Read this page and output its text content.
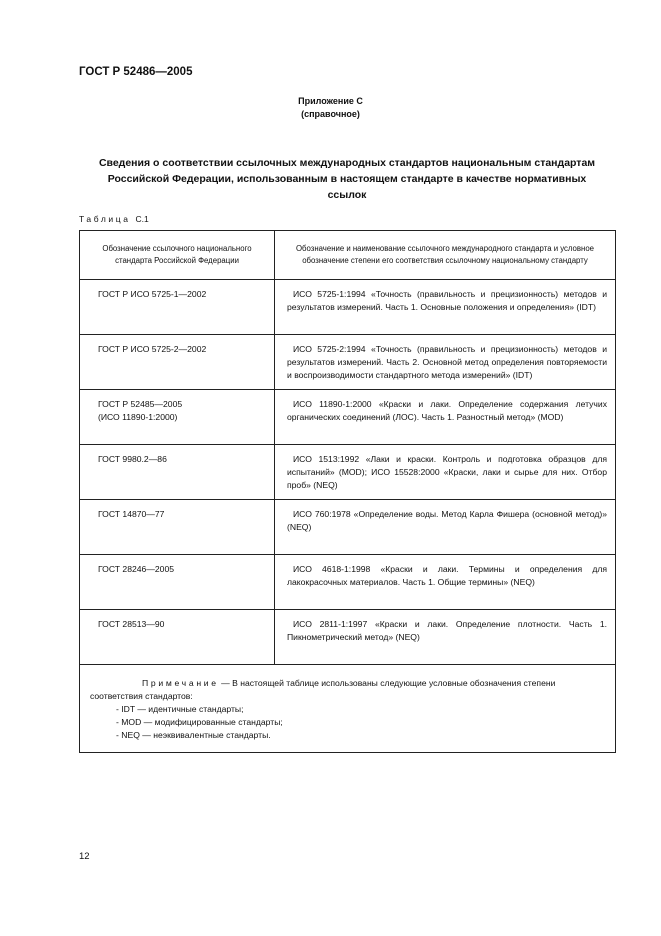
ГОСТ Р 52486—2005
Приложение С
(справочное)
Сведения о соответствии ссылочных международных стандартов национальным стандартам
Российской Федерации, использованным в настоящем стандарте в качестве нормативных
ссылок
Таблица С.1
Обозначение ссылочного национального стандарта Российской Федерации	Обозначение и наименование ссылочного международного стандарта и условное обозначение степени его соответствия ссылочному национальному стандарту

ГОСТ Р ИСО 5725-1—2002	ИСО 5725-1:1994 «Точность (правильность и прецизионность) методов и результатов измерений. Часть 1. Основные положения и определения» (IDT)

ГОСТ Р ИСО 5725-2—2002	ИСО 5725-2:1994 «Точность (правильность и прецизионность) методов и результатов измерений. Часть 2. Основной метод определения повторяемости и воспроизводимости стандартного метода измерений» (IDT)

ГОСТ Р 52485—2005
(ИСО 11890-1:2000)	ИСО 11890-1:2000 «Краски и лаки. Определение содержания летучих органических соединений (ЛОС). Часть 1. Разностный метод» (MOD)

ГОСТ 9980.2—86	ИСО 1513:1992 «Лаки и краски. Контроль и подготовка образцов для испытаний» (MOD); ИСО 15528:2000 «Краски, лаки и сырье для них. Отбор проб» (NEQ)

ГОСТ 14870—77	ИСО 760:1978 «Определение воды. Метод Карла Фишера (основной метод)» (NEQ)

ГОСТ 28246—2005	ИСО 4618-1:1998 «Краски и лаки. Термины и определения для лакокрасочных материалов. Часть 1. Общие термины» (NEQ)

ГОСТ 28513—90	ИСО 2811-1:1997 «Краски и лаки. Определение плотности. Часть 1. Пикнометрический метод» (NEQ)

Примечание — В настоящей таблице использованы следующие условные обозначения степени соответствия стандартов:
- IDT — идентичные стандарты;
- MOD — модифицированные стандарты;
- NEQ — неэквивалентные стандарты.	
12
